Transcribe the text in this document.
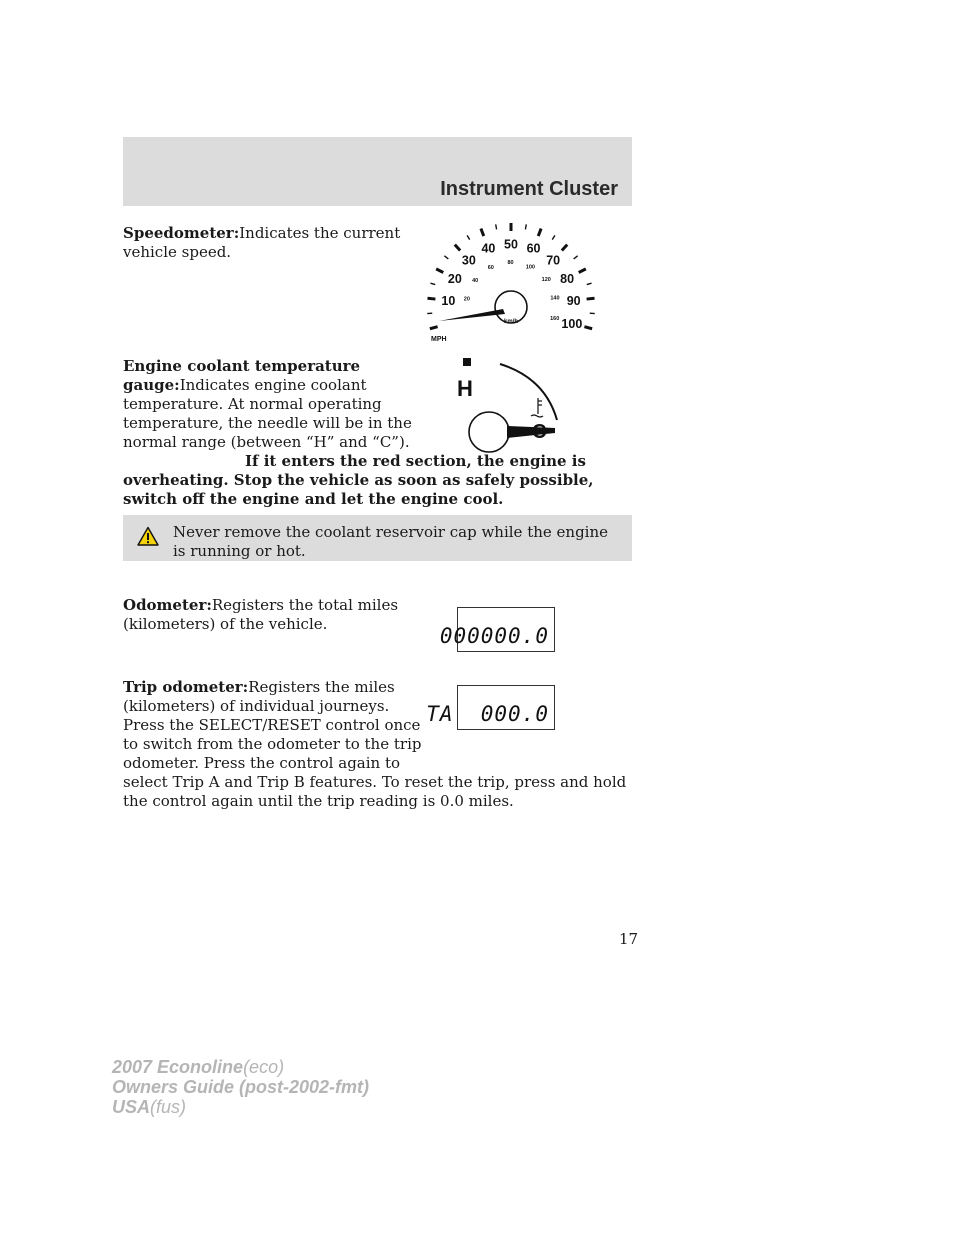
Instrument Cluster

Speedometer:Indicates the current vehicle speed.

10
20
30
40 50 60
70
80
90
100
20
40
60
80
100
120
140
160
km/h
MPH

Engine coolant temperature gauge:Indicates engine coolant temperature. At normal operating temperature, the needle will be in the normal range (between “H” and “C”).

If it enters the red section, the engine is overheating. Stop the vehicle as soon as safely possible, switch off the engine and let the engine cool.

H
C
Never remove the coolant reservoir cap while the engine is running or hot.

Odometer:Registers the total miles (kilometers) of the vehicle.	000000.0

Trip odometer:Registers the miles (kilometers) of individual journeys. Press the SELECT/RESET control once to switch from the odometer to the trip odometer. Press the control again to select Trip A and Trip B features. To reset the trip, press and hold the control again until the trip reading is 0.0 miles.

TA  000.0
17
2007 Econoline(eco)
Owners Guide (post-2002-fmt)
USA(fus)
